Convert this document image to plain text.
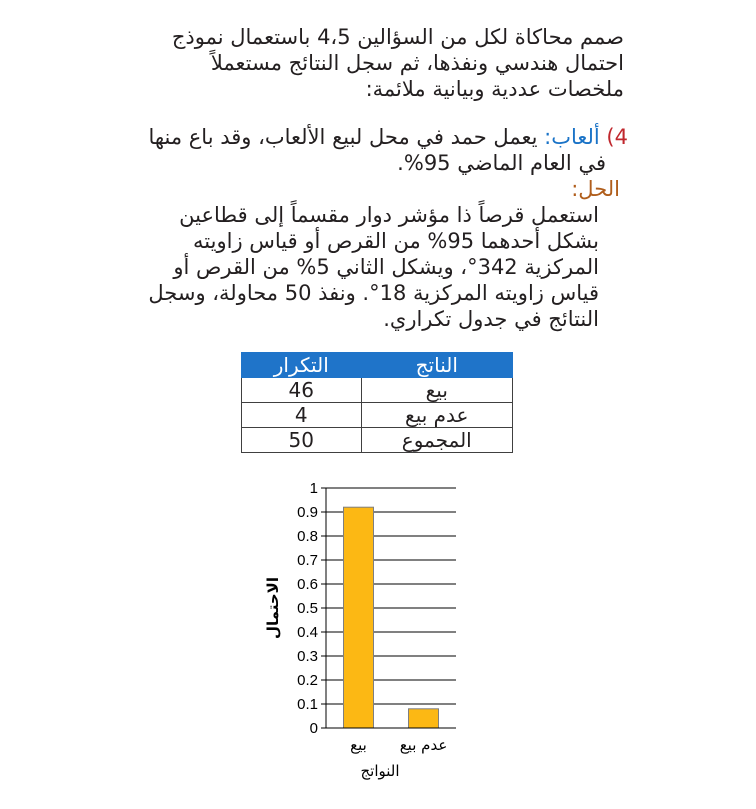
صمم محاكاة لكل من السؤالين 4،5 باستعمال نموذج
احتمال هندسي ونفذها، ثم سجل النتائج مستعملاً
ملخصات عددية وبيانية ملائمة:
4) ألعاب: يعمل حمد في محل لبيع الألعاب، وقد باع منها
في العام الماضي 95%.
الحل:
استعمل قرصاً ذا مؤشر دوار مقسماً إلى قطاعين
بشكل أحدهما 95% من القرص أو قياس زاويته
المركزية 342°، ويشكل الثاني 5% من القرص أو
قياس زاويته المركزية 18°. ونفذ 50 محاولة، وسجل
النتائج في جدول تكراري.
الناتج	التكرار
بيع	46
عدم بيع	4
المجموع	50
0
0.1
0.2
0.3
0.4
0.5
0.6
0.7
0.8
0.9
1
بيع عدم بيع
الاحتمال
النواتج
